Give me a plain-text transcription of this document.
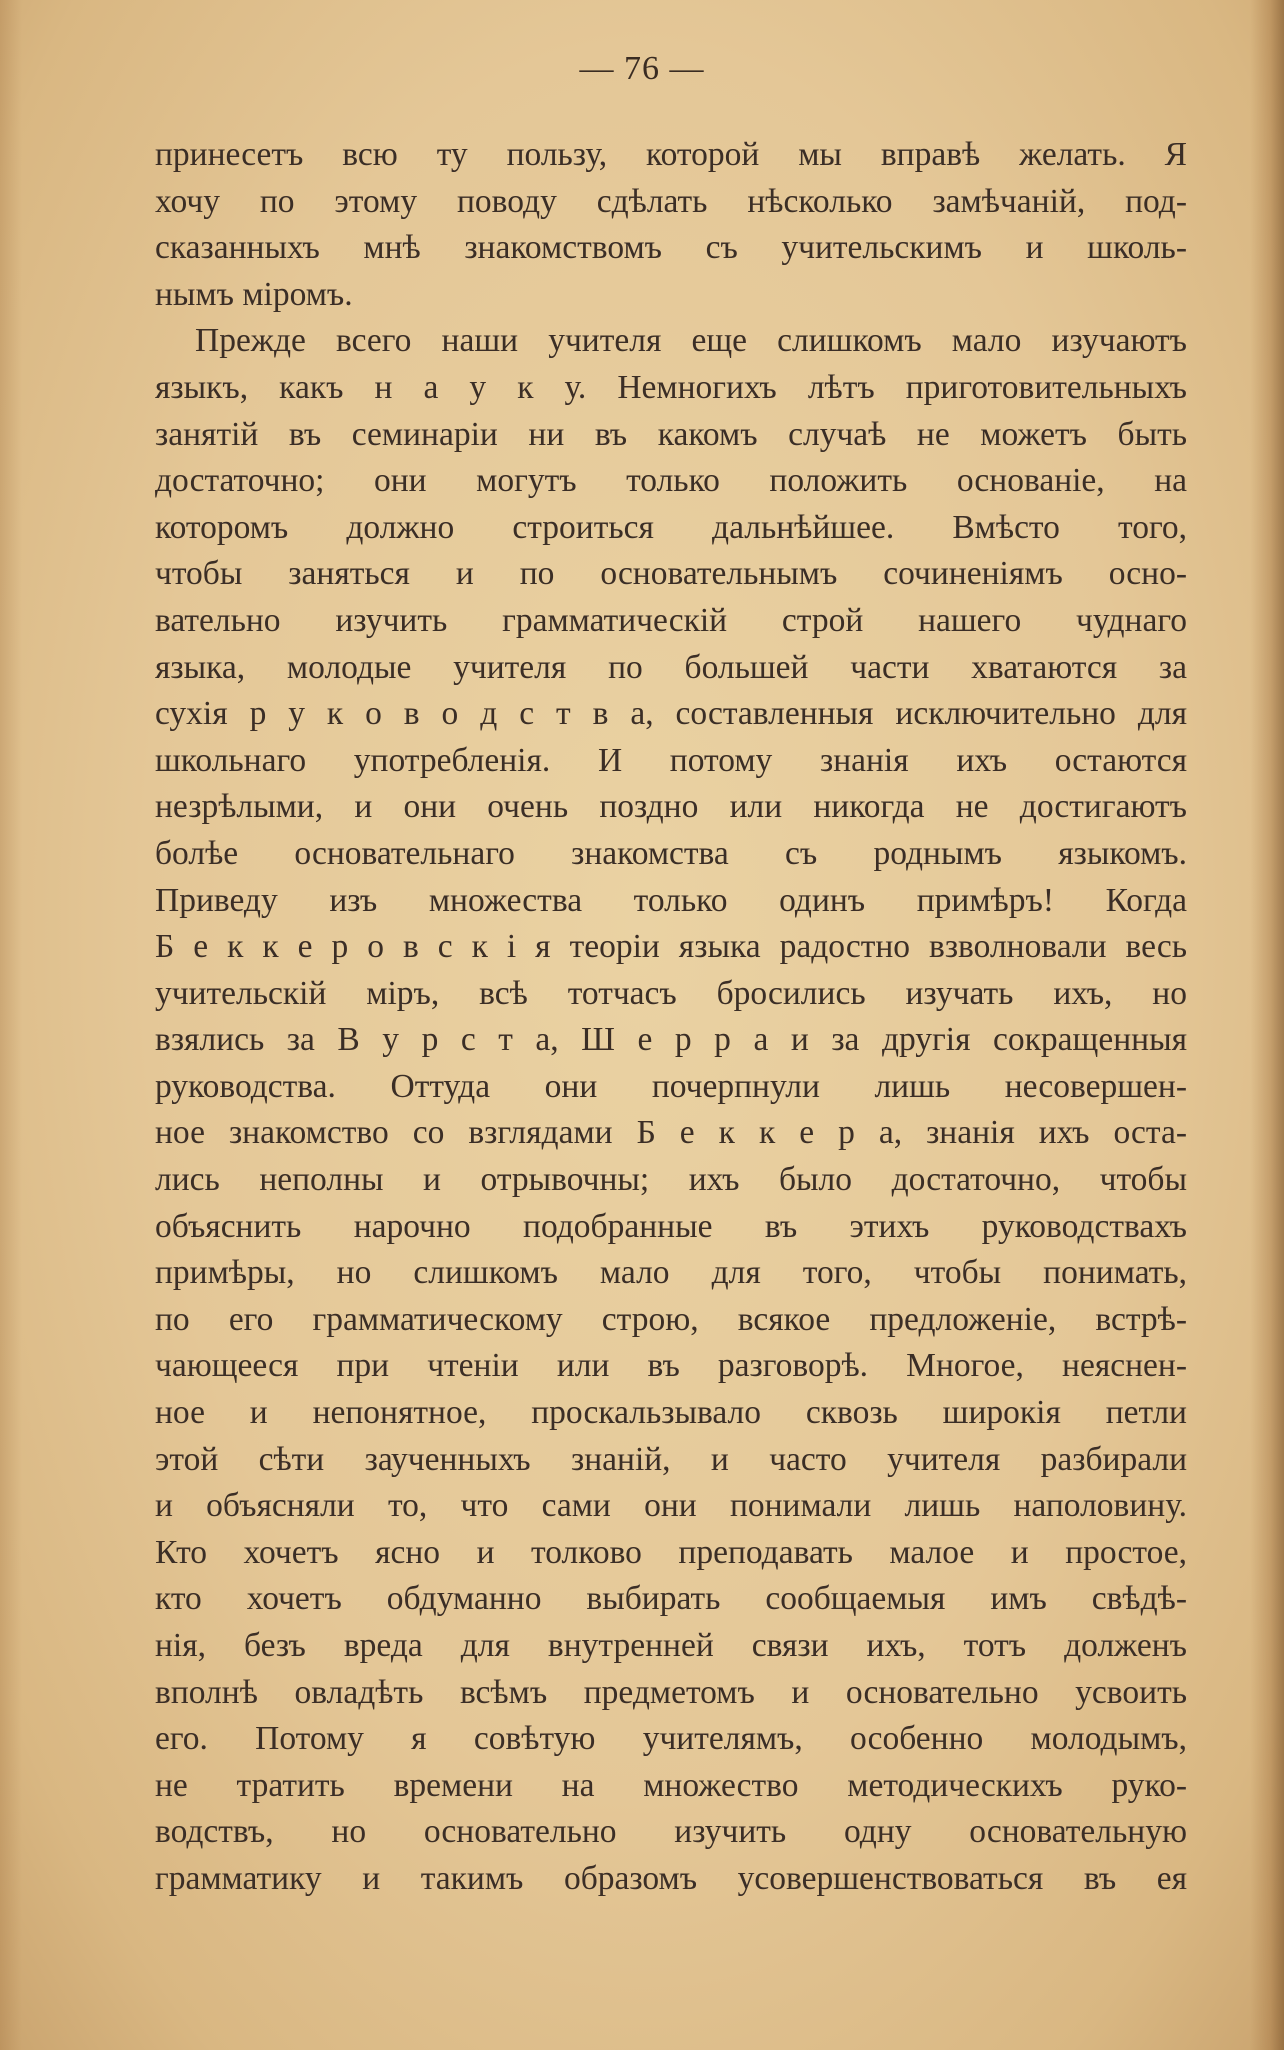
— 76 —
принесетъ всю ту пользу, которой мы вправѣ желать. Я
хочу по этому поводу сдѣлать нѣсколько замѣчаній, под-
сказанныхъ мнѣ знакомствомъ съ учительскимъ и школь-
нымъ міромъ.
Прежде всего наши учителя еще слишкомъ мало изучаютъ
языкъ, какъ н а у к у. Немногихъ лѣтъ приготовительныхъ
занятій въ семинаріи ни въ какомъ случаѣ не можетъ быть
достаточно; они могутъ только положить основаніе, на
которомъ должно строиться дальнѣйшее. Вмѣсто того,
чтобы заняться и по основательнымъ сочиненіямъ осно-
вательно изучить грамматическій строй нашего чуднаго
языка, молодые учителя по большей части хватаются за
сухія р у к о в о д с т в а, составленныя исключительно для
школьнаго употребленія. И потому знанія ихъ остаются
незрѣлыми, и они очень поздно или никогда не достигаютъ
болѣе основательнаго знакомства съ роднымъ языкомъ.
Приведу изъ множества только одинъ примѣръ! Когда
Б е к к е р о в с к і я теоріи языка радостно взволновали весь
учительскій міръ, всѣ тотчасъ бросились изучать ихъ, но
взялись за В у р с т а, Ш е р р а и за другія сокращенныя
руководства. Оттуда они почерпнули лишь несовершен-
ное знакомство со взглядами Б е к к е р а, знанія ихъ оста-
лись неполны и отрывочны; ихъ было достаточно, чтобы
объяснить нарочно подобранные въ этихъ руководствахъ
примѣры, но слишкомъ мало для того, чтобы понимать,
по его грамматическому строю, всякое предложеніе, встрѣ-
чающееся при чтеніи или въ разговорѣ. Многое, неяснен-
ное и непонятное, проскальзывало сквозь широкія петли
этой сѣти заученныхъ знаній, и часто учителя разбирали
и объясняли то, что сами они понимали лишь наполовину.
Кто хочетъ ясно и толково преподавать малое и простое,
кто хочетъ обдуманно выбирать сообщаемыя имъ свѣдѣ-
нія, безъ вреда для внутренней связи ихъ, тотъ долженъ
вполнѣ овладѣть всѣмъ предметомъ и основательно усвоить
его. Потому я совѣтую учителямъ, особенно молодымъ,
не тратить времени на множество методическихъ руко-
водствъ, но основательно изучить одну основательную
грамматику и такимъ образомъ усовершенствоваться въ ея
